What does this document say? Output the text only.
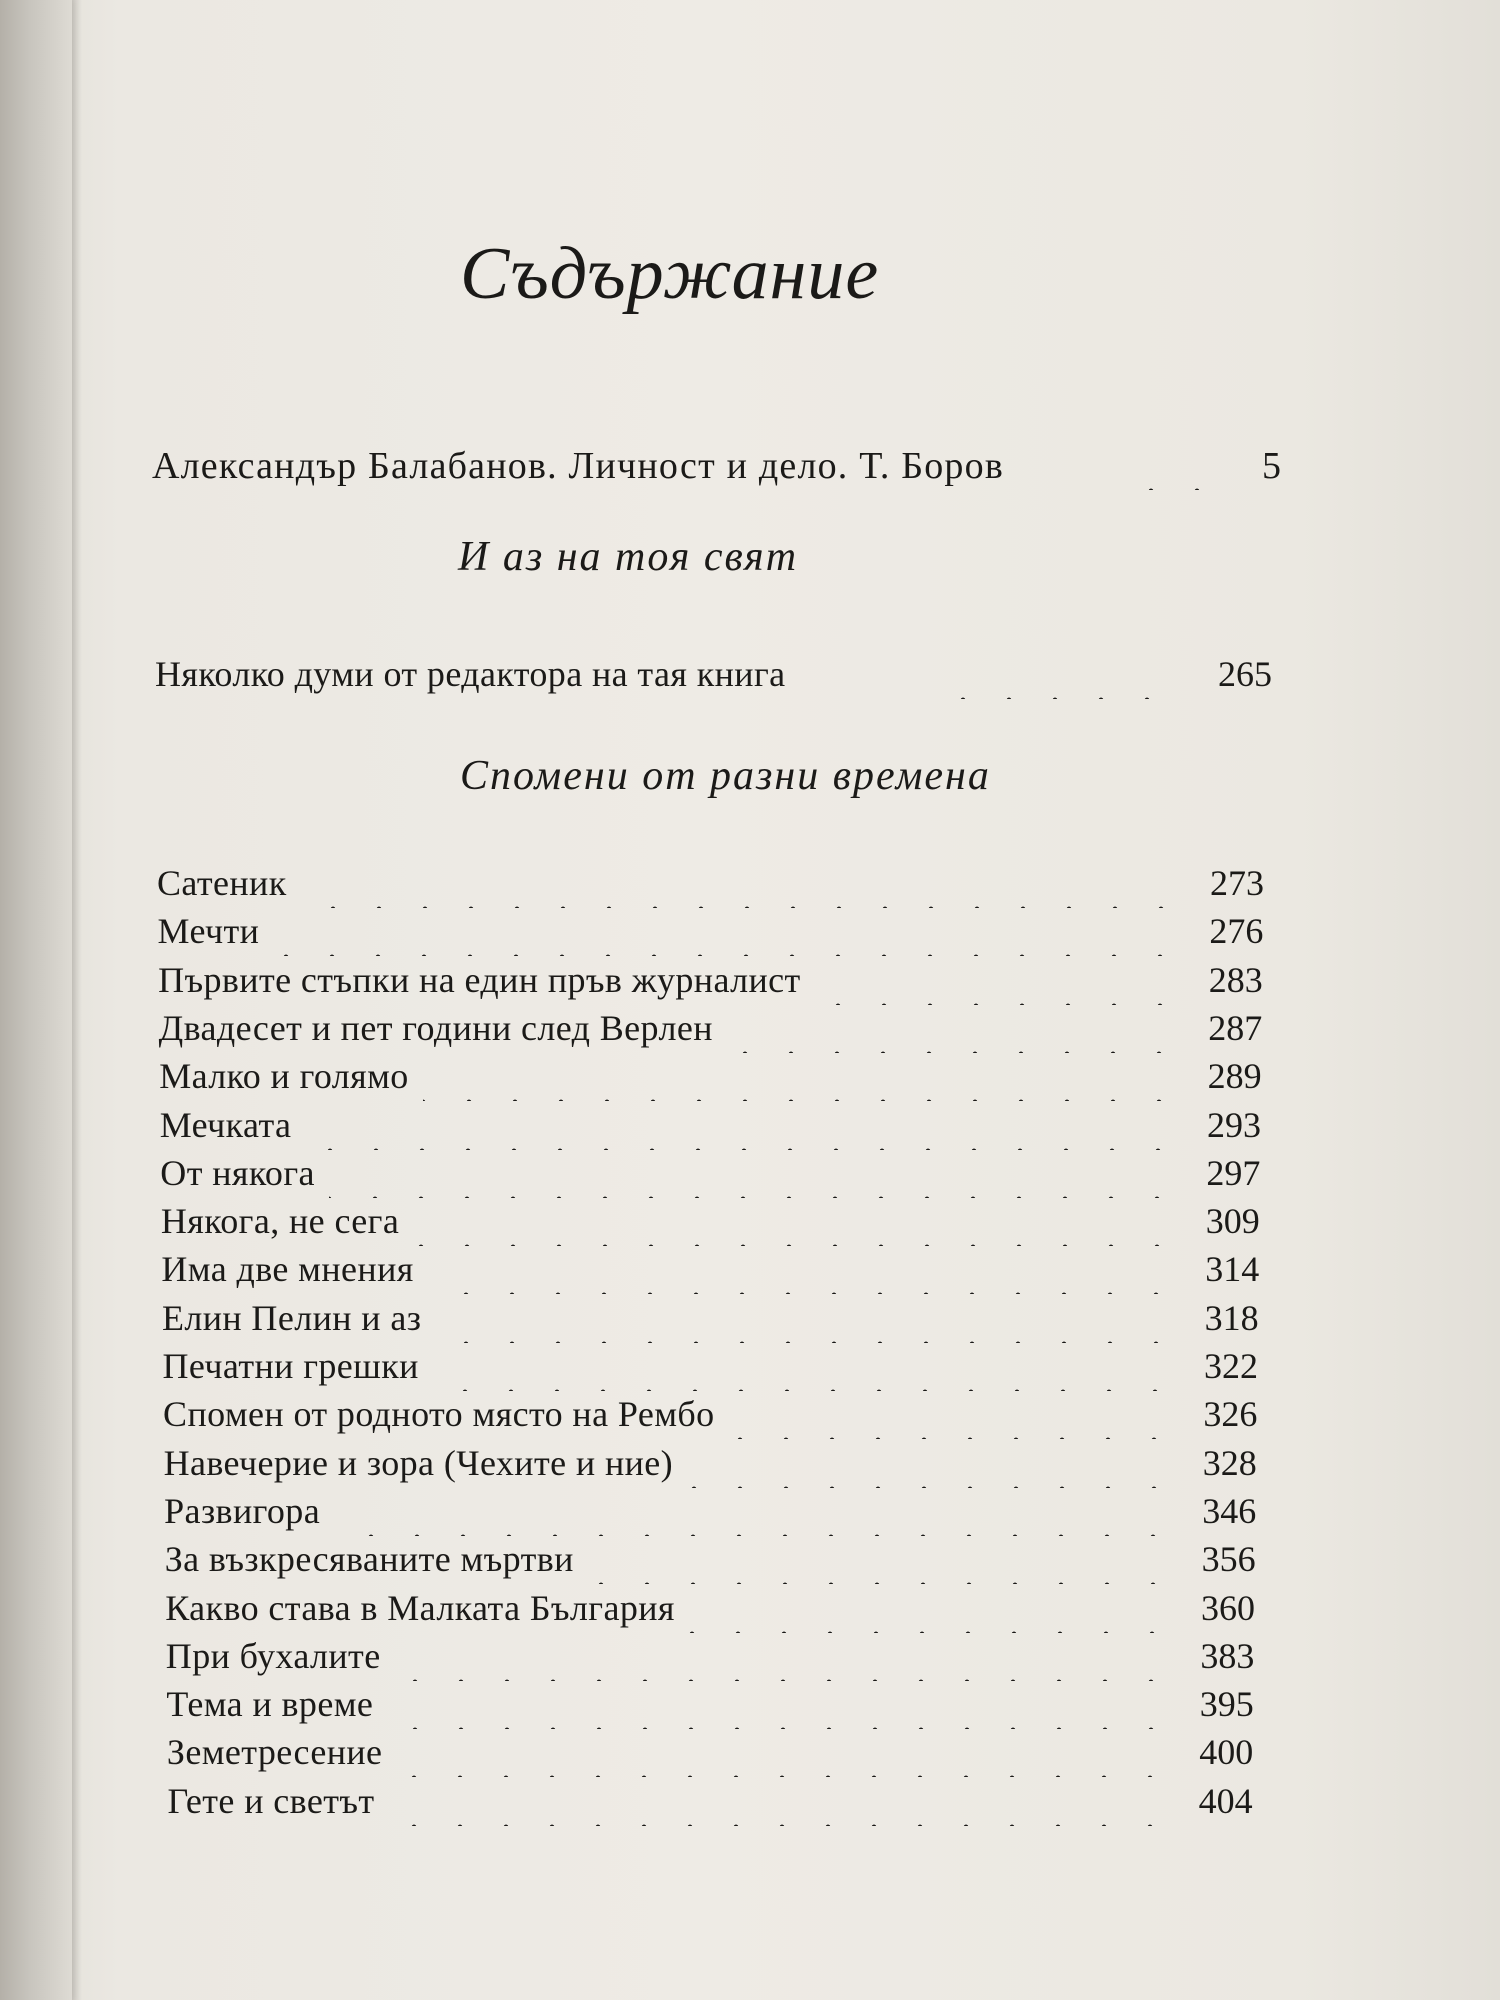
Съдържание
Александър Балабанов. Личност и дело. Т. Боров	5
И аз на тоя свят
Няколко думи от редактора на тая книга	265
Спомени от разни времена
Сатеник	273
Мечти	276
Първите стъпки на един пръв журналист	283
Двадесет и пет години след Верлен	287
Малко и голямо	289
Мечката	293
От някога	297
Някога, не сега	309
Има две мнения	314
Елин Пелин и аз	318
Печатни грешки	322
Спомен от родното място на Рембо	326
Навечерие и зора (Чехите и ние)	328
Развигора	346
За възкресяваните мъртви	356
Какво става в Малката България	360
При бухалите	383
Тема и време	395
Земетресение	400
Гете и светът	404
